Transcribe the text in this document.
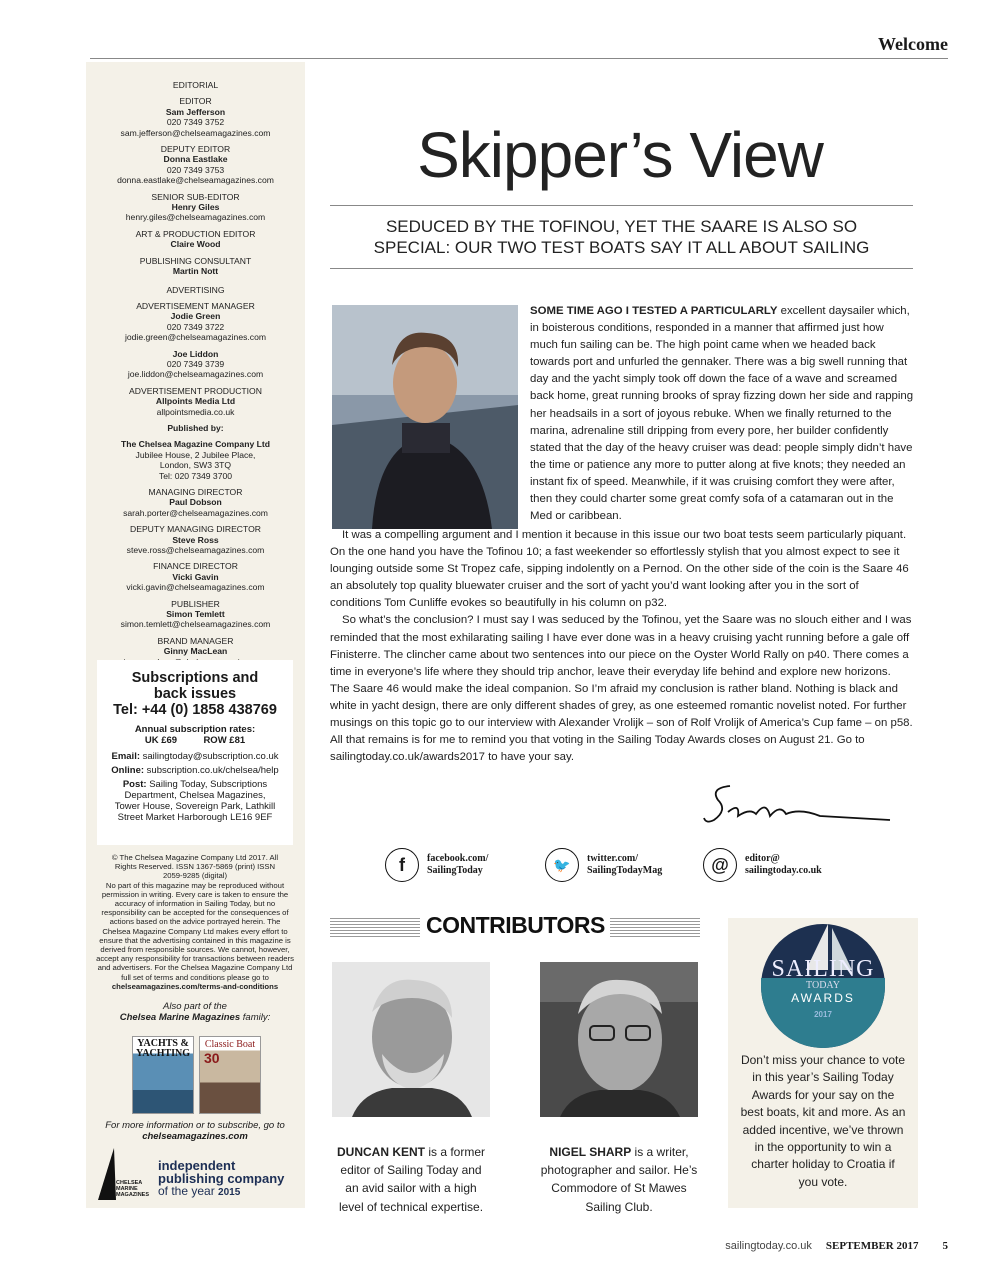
Welcome
EDITORIAL
EDITOR
Sam Jefferson
020 7349 3752
sam.jefferson@chelseamagazines.com
DEPUTY EDITOR
Donna Eastlake
020 7349 3753
donna.eastlake@chelseamagazines.com
SENIOR SUB-EDITOR
Henry Giles
henry.giles@chelseamagazines.com
ART & PRODUCTION EDITOR
Claire Wood
PUBLISHING CONSULTANT
Martin Nott
ADVERTISING
ADVERTISEMENT MANAGER
Jodie Green
020 7349 3722
jodie.green@chelseamagazines.com
Joe Liddon
020 7349 3739
joe.liddon@chelseamagazines.com
ADVERTISEMENT PRODUCTION
Allpoints Media Ltd
allpointsmedia.co.uk
Published by:
The Chelsea Magazine Company Ltd
Jubilee House, 2 Jubilee Place,
London, SW3 3TQ
Tel: 020 7349 3700
MANAGING DIRECTOR
Paul Dobson
sarah.porter@chelseamagazines.com
DEPUTY MANAGING DIRECTOR
Steve Ross
steve.ross@chelseamagazines.com
FINANCE DIRECTOR
Vicki Gavin
vicki.gavin@chelseamagazines.com
PUBLISHER
Simon Temlett
simon.temlett@chelseamagazines.com
BRAND MANAGER
Ginny MacLean
Subscriptions and
back issues
Tel: +44 (0) 1858 438769
Annual subscription rates:
UK £69          ROW £81
Email: sailingtoday@subscription.co.uk
Online: subscription.co.uk/chelsea/help
Post: Sailing Today, Subscriptions Department, Chelsea Magazines, Tower House, Sovereign Park, Lathkill Street Market Harborough LE16 9EF
© The Chelsea Magazine Company Ltd 2017. All Rights Reserved. ISSN 1367-5869 (print) ISSN 2059-9285 (digital)
No part of this magazine may be reproduced without permission in writing. Every care is taken to ensure the accuracy of information in Sailing Today, but no responsibility can be accepted for the consequences of actions based on the advice portrayed herein. The Chelsea Magazine Company Ltd makes every effort to ensure that the advertising contained in this magazine is derived from responsible sources. We cannot, however, accept any responsibility for transactions between readers and advertisers. For the Chelsea Magazine Company Ltd full set of terms and conditions please go to
chelseamagazines.com/terms-and-conditions
Also part of the
Chelsea Marine Magazines family:
YACHTS & YACHTING
Classic Boat
30
For more information or to subscribe, go to
chelseamagazines.com
CHELSEA MARINE MAGAZINES
independent
publishing company
of the year 2015
Skipper’s View
SEDUCED BY THE TOFINOU, YET THE SAARE IS ALSO SO
SPECIAL: OUR TWO TEST BOATS SAY IT ALL ABOUT SAILING
SOME TIME AGO I TESTED A PARTICULARLY excellent daysailer which, in boisterous conditions, responded in a manner that affirmed just how much fun sailing can be. The high point came when we headed back towards port and unfurled the gennaker. There was a big swell running that day and the yacht simply took off down the face of a wave and screamed back home, great running brooks of spray fizzing down her side and rapping her headsails in a sort of joyous rebuke. When we finally returned to the marina, adrenaline still dripping from every pore, her builder confidently stated that the day of the heavy cruiser was dead: people simply didn’t have the time or patience any more to putter along at five knots; they needed an instant fix of speed. Meanwhile, if it was cruising comfort they were after, then they could charter some great comfy sofa of a catamaran out in the Med or caribbean.
It was a compelling argument and I mention it because in this issue our two boat tests seem particularly piquant. On the one hand you have the Tofinou 10; a fast weekender so effortlessly stylish that you almost expect to see it lounging outside some St Tropez cafe, sipping indolently on a Pernod. On the other side of the coin is the Saare 46 an absolutely top quality bluewater cruiser and the sort of yacht you’d want looking after you in the sort of conditions Tom Cunliffe evokes so beautifully in his column on p32.
So what’s the conclusion? I must say I was seduced by the Tofinou, yet the Saare was no slouch either and I was reminded that the most exhilarating sailing I have ever done was in a heavy cruising yacht running before a gale off Finisterre. The clincher came about two sentences into our piece on the Oyster World Rally on p40. There comes a time in everyone’s life where they should trip anchor, leave their everyday life behind and explore new horizons. The Saare 46 would make the ideal companion. So I’m afraid my conclusion is rather bland. Nothing is black and white in yacht design, there are only different shades of grey, as one esteemed romantic novelist noted. For further musings on this topic go to our interview with Alexander Vrolijk – son of Rolf Vrolijk of America’s Cup fame – on p58. All that remains is for me to remind you that voting in the Sailing Today Awards closes on August 21. Go to sailingtoday.co.uk/awards2017 to have your say.
f	facebook.com/
SailingToday	🐦	twitter.com/
SailingTodayMag	@	editor@
sailingtoday.co.uk
CONTRIBUTORS
DUNCAN KENT is a former editor of Sailing Today and an avid sailor with a high level of technical expertise.
NIGEL SHARP is a writer, photographer and sailor. He’s Commodore of St Mawes Sailing Club.
SAILING
TODAY
AWARDS
2017
Don’t miss your chance to vote in this year’s Sailing Today Awards for your say on the best boats, kit and more. As an added incentive, we’ve thrown in the opportunity to win a charter holiday to Croatia if you vote.
sailingtoday.co.uk SEPTEMBER 2017 5
